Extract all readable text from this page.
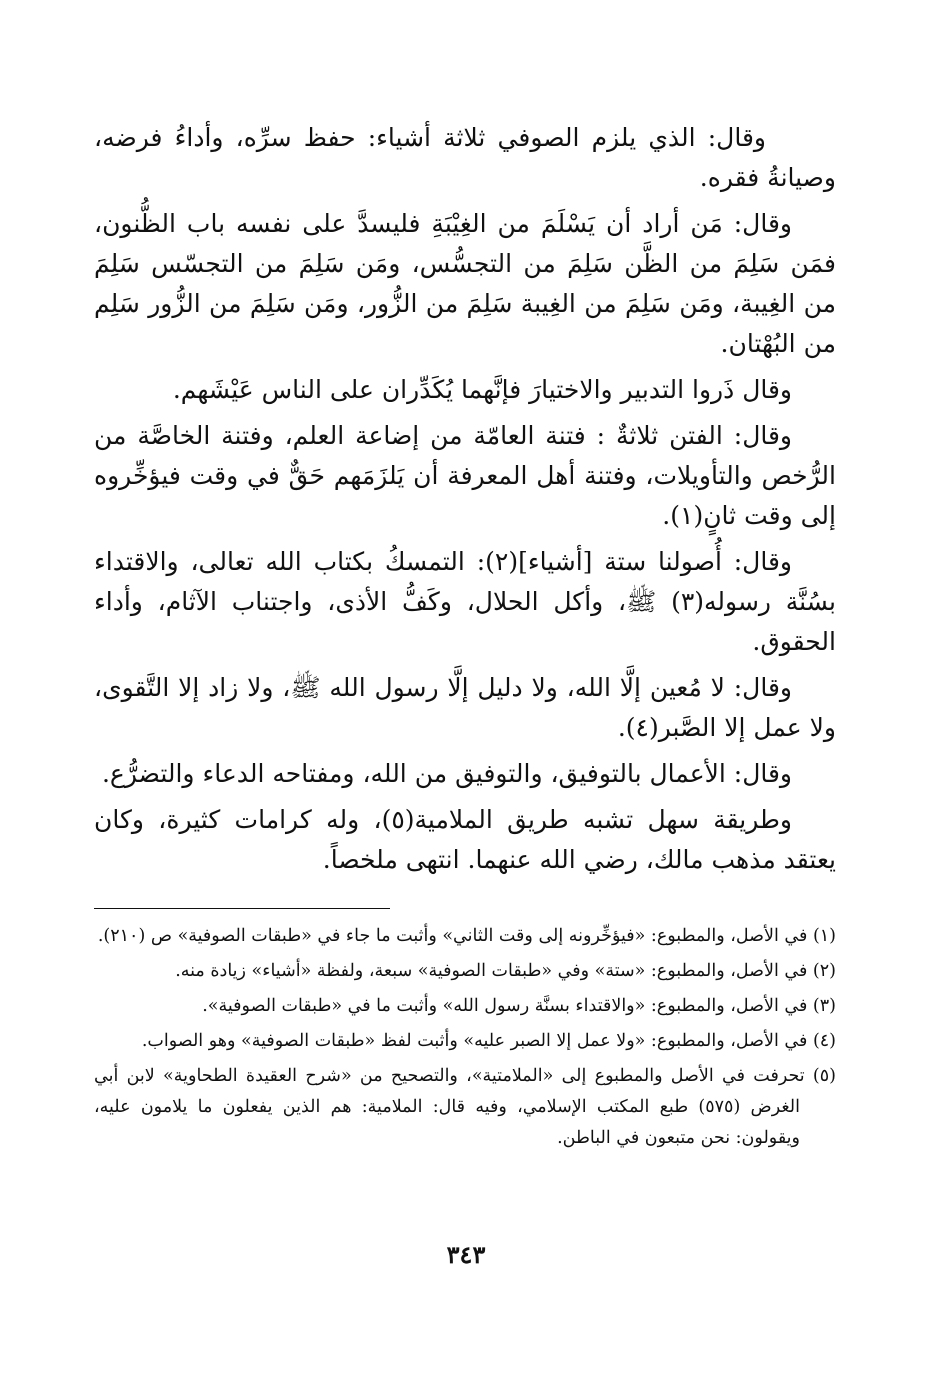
وقال: الذي يلزم الصوفي ثلاثة أشياء: حفظ سرِّه، وأداءُ فرضه، وصيانةُ فقره.

وقال: مَن أراد أن يَسْلَمَ من الغِيْبَةِ فليسدَّ على نفسه باب الظُّنون، فمَن سَلِمَ من الظَّن سَلِمَ من التجسُّس، ومَن سَلِمَ من التجسّس سَلِمَ من الغِيبة، ومَن سَلِمَ من الغِيبة سَلِمَ من الزُّور، ومَن سَلِمَ من الزُّور سَلِم من البُهْتان.

وقال ذَروا التدبير والاختيارَ فإنَّهما يُكَدِّران على الناس عَيْشَهم.

وقال: الفتن ثلاثةٌ : فتنة العامّة من إضاعة العلم، وفتنة الخاصَّة من الرُّخص والتأويلات، وفتنة أهل المعرفة أن يَلزَمَهم حَقٌّ في وقت فيؤخِّروه إلى وقت ثانٍ(١).

وقال: أُصولنا ستة [أشياء](٢): التمسكُ بكتاب الله تعالى، والاقتداء بسُنَّة رسوله(٣) ﷺ، وأكل الحلال، وكَفُّ الأذى، واجتناب الآثام، وأداء الحقوق.

وقال: لا مُعين إلَّا الله، ولا دليل إلَّا رسول الله ﷺ، ولا زاد إلا التَّقوى، ولا عمل إلا الصَّبر(٤).

وقال: الأعمال بالتوفيق، والتوفيق من الله، ومفتاحه الدعاء والتضرُّع.

وطريقة سهل تشبه طريق الملامية(٥)، وله كرامات كثيرة، وكان يعتقد مذهب مالك، رضي الله عنهما. انتهى ملخصاً.

(١) في الأصل، والمطبوع: «فيؤخِّرونه إلى وقت الثاني» وأثبت ما جاء في «طبقات الصوفية» ص (٢١٠).
(٢) في الأصل، والمطبوع: «ستة» وفي «طبقات الصوفية» سبعة، ولفظة «أشياء» زيادة منه.
(٣) في الأصل، والمطبوع: «والاقتداء بسنَّة رسول الله» وأثبت ما في «طبقات الصوفية».
(٤) في الأصل، والمطبوع: «ولا عمل إلا الصبر عليه» وأثبت لفظ «طبقات الصوفية» وهو الصواب.
(٥) تحرفت في الأصل والمطبوع إلى «الملامتية»، والتصحيح من «شرح العقيدة الطحاوية» لابن أبي الغرض (٥٧٥) طبع المكتب الإسلامي، وفيه قال: الملامية: هم الذين يفعلون ما يلامون عليه، ويقولون: نحن متبعون في الباطن.
٣٤٣
